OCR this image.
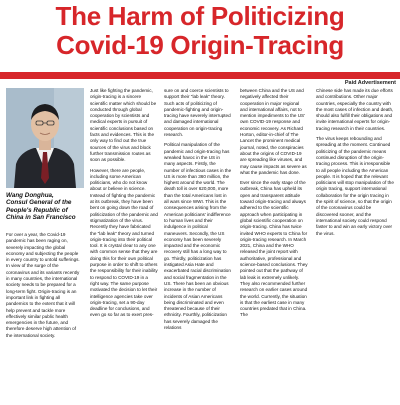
The Harm of Politicizing
Covid-19 Origin-Tracing
Paid Advertisement
Wang Donghua,
Consul General of the
People's Republic of
China in San Francisco

For over a year, the Covid-19 pandemic has been raging on, severely impacting the global economy and subjecting the people in every country to untold sufferings. In view of the surge of the coronavirus and its variants recently in many countries, the international society needs to be prepared for a long-term fight. Origin-tracing is an important link in fighting all pandemics to the extent that it will help prevent and tackle more effectively similar public health emergencies in the future, and therefore deserve high attention of the international society.

Just like fighting the pandemic, origin-tracing is a sincere scientific matter which should be conducted through global cooperation by scientists and medical experts in pursuit of scientific conclusions based on facts and evidences. This is the only way to find out the true sources of the virus and block further transmission routes as soon as possible.

However, there are people, including some American politicians, who do not know about or believe in science. Instead of fighting the pandemic at its outbreak, they have been bent on going down the road of politicization of the pandemic and stigmatization of the virus. Recently they have fabricated the "lab leak" theory and turned origin-tracing into their political tool. It is crystal clear to any one with common sense that they are doing this for their own political purpose in order to shift to others the responsibility for their inability to respond to COVID-19 in a right way. The same purpose motivated the decision to let their intelligence agencies take over origin-tracing, set a 90-day deadline for conclusions, and even go so far as to exert pres-

sure on and coerce scientists to support their "lab leak" theory. Such acts of politicizing of pandemic-fighting and origin-tracing have severely interrupted and damaged international cooperation on origin-tracing research.

Political manipulation of the pandemic and origin-tracing has wreaked havoc in the US in many aspects. Firstly, the number of infectious cases in the US is more than 360 million, the highest around the world. The death toll is over 620,000, more than the total Americans lost in all wars since WWI. This is the consequences arising from the American politicians' indifference to human lives and their indulgence in political maneuvers. Secondly, the US economy has been severely impacted and the economic recovery still has a long way to go. Thirdly, politicization has instigated Asia Hate and exacerbated racial discrimination and social fragmentation in the US. There has been an obvious increase in the number of incidents of Asian Americans being discriminated and even threatened because of their ethnicity. Fourthly, politicization has severely damaged the relations

between China and the US and negatively affected their cooperation in major regional and international affairs, not to mention impediments to the US' own COVID-19 response and economic recovery. As Richard Horton, editor-in-chief of The Lancet the prominent medical journal, noted, the conspiracies about the origins of COVID-19 are spreading like viruses, and may cause impacts as severe as what the pandemic has done.

Ever since the early stage of the outbreak, China has upheld its open and transparent attitude toward origin-tracing and always adhered to the scientific approach when participating in global scientific cooperation on origin-tracing. China has twice invited WHO experts to China for origin-tracing research. In March 2021, China and the WHO released the joint report with authoritative, professional and science-based conclusions. They pointed out that the pathway of lab leak is extremely unlikely. They also recommended further research on earlier cases around the world. Currently, the situation is that the earliest case in many countries predated that in China. The

Chinese side has made its due efforts and contributions. Other major countries, especially the country with the most cases of infection and death, should also fulfill their obligations and invite international experts for origin-tracing research in their countries.

The virus keeps rebounding and spreading at the moment. Continued politicizing of the pandemic means continued disruption of the origin-tracing process. This is irresponsible to all people including the American people. It is hoped that the relevant politicians will stop manipulation of the origin tracing, support international collaboration for the origin tracing in the spirit of science, so that the origin of the coronavirus could be discovered sooner, and the international society could respond faster to and win an early victory over the virus.
